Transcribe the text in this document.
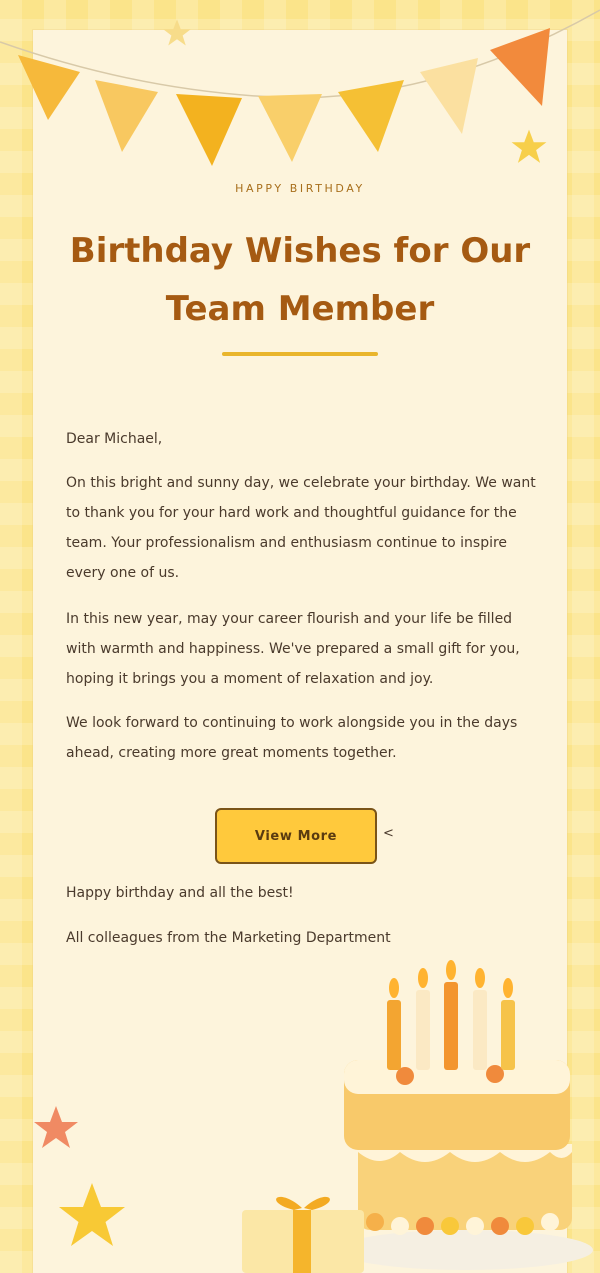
HAPPY BIRTHDAY
Birthday Wishes for Our
Team Member
Dear Michael,
On this bright and sunny day, we celebrate your birthday. We want to thank you for your hard work and thoughtful guidance for the team. Your professionalism and enthusiasm continue to inspire every one of us.
In this new year, may your career flourish and your life be filled with warmth and happiness. We've prepared a small gift for you, hoping it brings you a moment of relaxation and joy.
We look forward to continuing to work alongside you in the days ahead, creating more great moments together.
View More	<
Happy birthday and all the best!
All colleagues from the Marketing Department
